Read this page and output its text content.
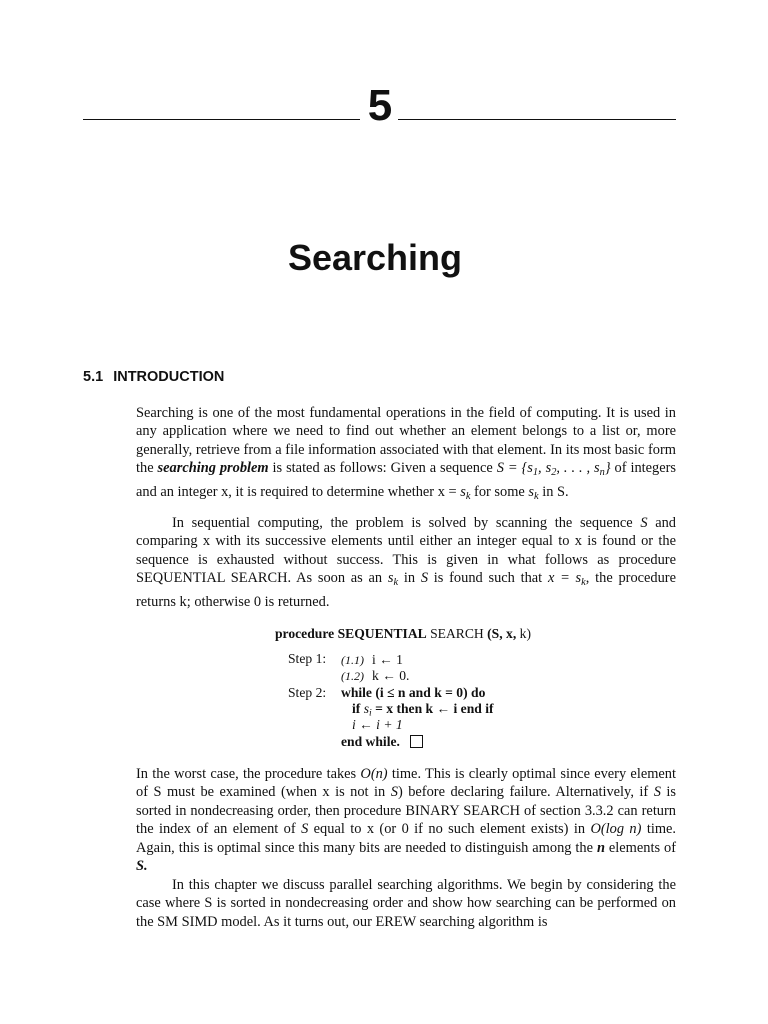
5
Searching
5.1 INTRODUCTION

Searching is one of the most fundamental operations in the field of computing. It is used in any application where we need to find out whether an element belongs to a list or, more generally, retrieve from a file information associated with that element. In its most basic form the searching problem is stated as follows: Given a sequence $S = \{s_1$, $s_2$, . . . , $s_n$} of integers and an integer x, it is required to determine whether $x = s_k$ for some $s_k$ in S.

In sequential computing, the problem is solved by scanning the sequence S and comparing x with its successive elements until either an integer equal to x is found or the sequence is exhausted without success. This is given in what follows as procedure SEQUENTIAL SEARCH. As soon as an $s_k$ in S is found such that $x = s_k$, the procedure returns k; otherwise 0 is returned.

procedure SEQUENTIAL SEARCH (S, x, k)
Step 1: (1.1) i ← 1
(1.2) k ← 0.
Step 2: while (i ≤ n and k = 0) do
if $s_i = x$ then k ← i end if
i ← i + 1
end while.

In the worst case, the procedure takes O(n) time. This is clearly optimal since every element of S must be examined (when x is not in S) before declaring failure. Alternatively, if S is sorted in nondecreasing order, then procedure BINARY SEARCH of section 3.3.2 can return the index of an element of S equal to x (or 0 if no such element exists) in O(log n) time. Again, this is optimal since this many bits are needed to distinguish among the n elements of S.

In this chapter we discuss parallel searching algorithms. We begin by considering the case where S is sorted in nondecreasing order and show how searching can be performed on the SM SIMD model. As it turns out, our EREW searching algorithm is
